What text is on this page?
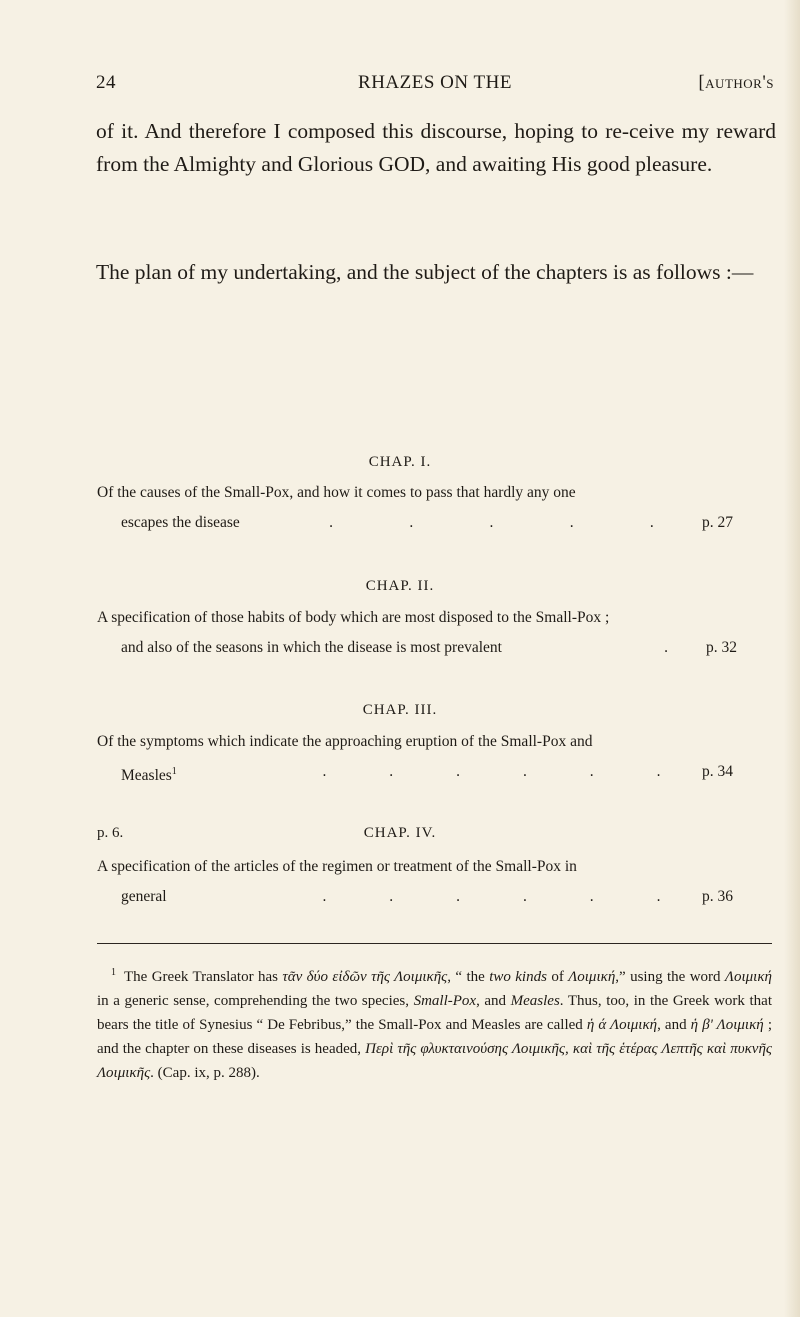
24	RHAZES ON THE	[author's
of it. And therefore I composed this discourse, hoping to re-ceive my reward from the Almighty and Glorious GOD, and awaiting His good pleasure.
The plan of my undertaking, and the subject of the chapters is as follows :—
CHAP. I.
Of the causes of the Small-Pox, and how it comes to pass that hardly any one
escapes the disease	.	.	.	.	.	p. 27
CHAP. II.
A specification of those habits of body which are most disposed to the Small-Pox ;
and also of the seasons in which the disease is most prevalent	. p. 32
CHAP. III.
Of the symptoms which indicate the approaching eruption of the Small-Pox and
Measles$^1$	.	.	.	.	.	.	p. 34
p. 6.	CHAP. IV.
A specification of the articles of the regimen or treatment of the Small-Pox in
general	.	.	.	.	.	.	p. 36
$^1$ The Greek Translator has τᾶν δύο εἰδῶν τῆς Λοιμικῆς, “ the two kinds of Λοιμική,” using the word Λοιμική in a generic sense, comprehending the two species, Small-Pox, and Measles. Thus, too, in the Greek work that bears the title of Synesius “ De Febribus,” the Small-Pox and Measles are called ἡ ά Λοιμική, and ἡ βʹ Λοιμική ; and the chapter on these diseases is headed, Περὶ τῆς φλυκταινούσης Λοιμικῆς, καὶ τῆς ἑτέρας Λεπτῆς καὶ πυκνῆς Λοιμικῆς. (Cap. ix, p. 288).
